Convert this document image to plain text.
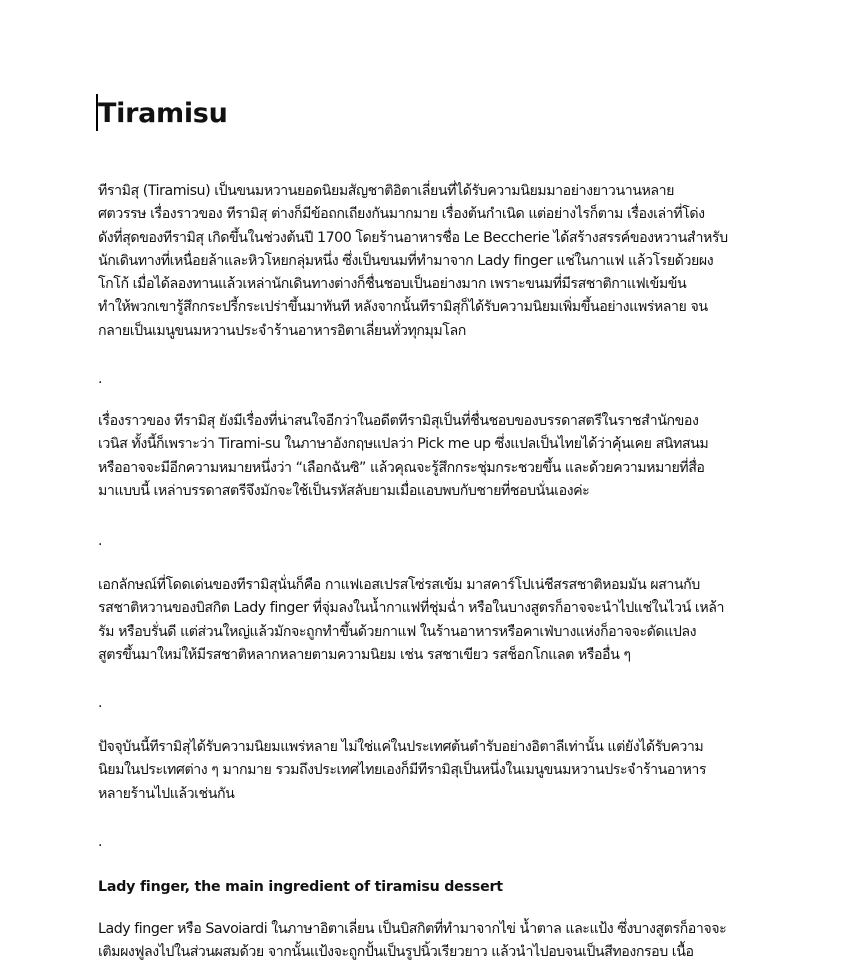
Tiramisu
ทีรามิสุ (Tiramisu) เป็นขนมหวานยอดนิยมสัญชาติอิตาเลี่ยนที่ได้รับความนิยมมาอย่างยาวนานหลาย
ศตวรรษ เรื่องราวของ ทีรามิสุ ต่างก็มีข้อถกเถียงกันมากมาย เรื่องต้นกำเนิด แต่อย่างไรก็ตาม เรื่องเล่าที่โด่ง
ดังที่สุดของทีรามิสุ เกิดขึ้นในช่วงต้นปี 1700 โดยร้านอาหารชื่อ Le Beccherie ได้สร้างสรรค์ของหวานสำหรับ
นักเดินทางที่เหนื่อยล้าและหิวโหยกลุ่มหนึ่ง ซึ่งเป็นขนมที่ทำมาจาก Lady finger แช่ในกาแฟ แล้วโรยด้วยผง
โกโก้ เมื่อได้ลองทานแล้วเหล่านักเดินทางต่างก็ชื่นชอบเป็นอย่างมาก เพราะขนมที่มีรสชาติกาแฟเข้มข้น
ทำให้พวกเขารู้สึกกระปรี้กระเปร่าขึ้นมาทันที หลังจากนั้นทีรามิสุก็ได้รับความนิยมเพิ่มขึ้นอย่างแพร่หลาย จน
กลายเป็นเมนูขนมหวานประจำร้านอาหารอิตาเลี่ยนทั่วทุกมุมโลก
.
เรื่องราวของ ทีรามิสุ ยังมีเรื่องที่น่าสนใจอีกว่าในอดีตทีรามิสุเป็นที่ชื่นชอบของบรรดาสตรีในราชสำนักของ
เวนิส ทั้งนี้ก็เพราะว่า Tirami-su ในภาษาอังกฤษแปลว่า Pick me up ซึ่งแปลเป็นไทยได้ว่าคุ้นเคย สนิทสนม
หรืออาจจะมีอีกความหมายหนึ่งว่า “เลือกฉันซิ” แล้วคุณจะรู้สึกกระชุ่มกระชวยขึ้น และด้วยความหมายที่สื่อ
มาแบบนี้ เหล่าบรรดาสตรีจึงมักจะใช้เป็นรหัสลับยามเมื่อแอบพบกับชายที่ชอบนั่นเองค่ะ
.
เอกลักษณ์ที่โดดเด่นของทีรามิสุนั่นก็คือ กาแฟเอสเปรสโซ่รสเข้ม มาสคาร์โปเน่ชีสรสชาติหอมมัน ผสานกับ
รสชาติหวานของบิสกิต Lady finger ที่จุ่มลงในน้ำกาแฟที่ชุ่มฉ่ำ หรือในบางสูตรก็อาจจะนำไปแช่ในไวน์ เหล้า
รัม หรือบรั่นดี แต่ส่วนใหญ่แล้วมักจะถูกทำขึ้นด้วยกาแฟ ในร้านอาหารหรือคาเฟ่บางแห่งก็อาจจะดัดแปลง
สูตรขึ้นมาใหม่ให้มีรสชาติหลากหลายตามความนิยม เช่น รสชาเขียว รสช็อกโกแลต หรืออื่น ๆ
.
ปัจจุบันนี้ทีรามิสุได้รับความนิยมแพร่หลาย ไม่ใช่แค่ในประเทศต้นตำรับอย่างอิตาลีเท่านั้น แต่ยังได้รับความ
นิยมในประเทศต่าง ๆ มากมาย รวมถึงประเทศไทยเองก็มีทีรามิสุเป็นหนึ่งในเมนูขนมหวานประจำร้านอาหาร
หลายร้านไปแล้วเช่นกัน
.
Lady finger, the main ingredient of tiramisu dessert
Lady finger หรือ Savoiardi ในภาษาอิตาเลี่ยน เป็นบิสกิตที่ทำมาจากไข่ น้ำตาล และแป้ง ซึ่งบางสูตรก็อาจจะ
เติมผงฟูลงไปในส่วนผสมด้วย จากนั้นแป้งจะถูกปั้นเป็นรูปนิ้วเรียวยาว แล้วนำไปอบจนเป็นสีทองกรอบ เนื้อ
